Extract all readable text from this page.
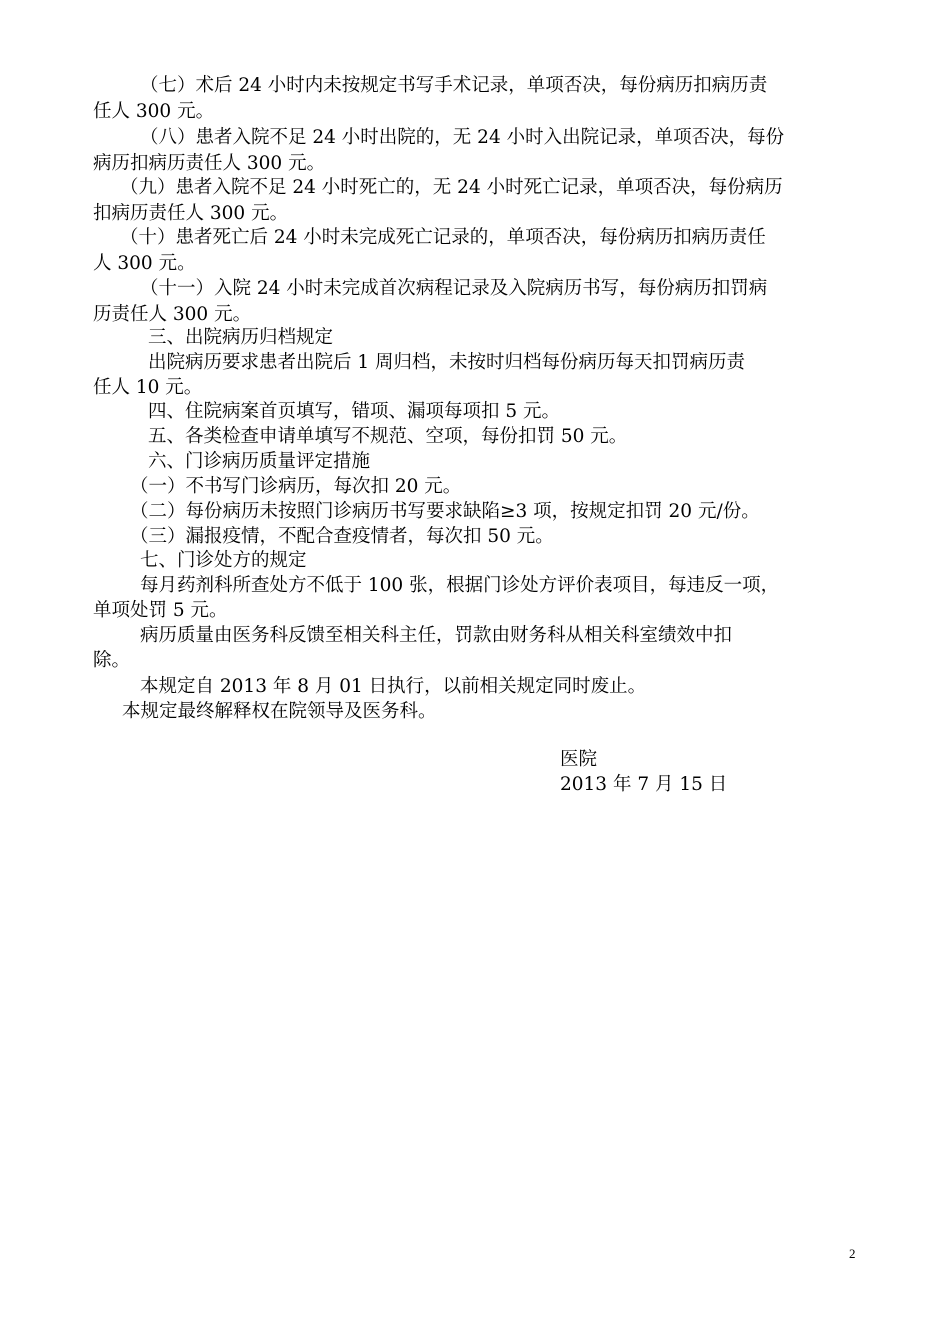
（七）术后 24 小时内未按规定书写手术记录，单项否决，每份病历扣病历责
任人 300 元。
（八）患者入院不足 24 小时出院的，无 24 小时入出院记录，单项否决，每份
病历扣病历责任人 300 元。
（九）患者入院不足 24 小时死亡的，无 24 小时死亡记录，单项否决，每份病历
扣病历责任人 300 元。
（十）患者死亡后 24 小时未完成死亡记录的，单项否决，每份病历扣病历责任
人 300 元。
（十一）入院 24 小时未完成首次病程记录及入院病历书写，每份病历扣罚病
历责任人 300 元。
三、出院病历归档规定
出院病历要求患者出院后 1 周归档，未按时归档每份病历每天扣罚病历责
任人 10 元。
四、住院病案首页填写，错项、漏项每项扣 5 元。
五、各类检查申请单填写不规范、空项，每份扣罚 50 元。
六、门诊病历质量评定措施
（一）不书写门诊病历，每次扣 20 元。
（二）每份病历未按照门诊病历书写要求缺陷≥3 项，按规定扣罚 20 元/份。
（三）漏报疫情，不配合查疫情者，每次扣 50 元。
七、门诊处方的规定
每月药剂科所查处方不低于 100 张，根据门诊处方评价表项目，每违反一项，
单项处罚 5 元。
病历质量由医务科反馈至相关科主任，罚款由财务科从相关科室绩效中扣
除。
本规定自 2013 年 8 月 01 日执行，以前相关规定同时废止。
本规定最终解释权在院领导及医务科。
医院
2013 年 7 月 15 日
2
